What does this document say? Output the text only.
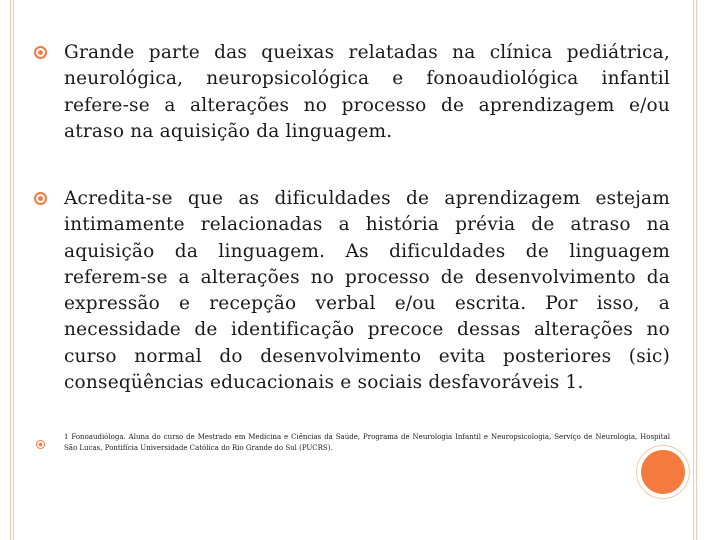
Grande parte das queixas relatadas na clínica pediátrica, neurológica, neuropsicológica e fonoaudiológica infantil refere-se a alterações no processo de aprendizagem e/ou atraso na aquisição da linguagem.
Acredita-se que as dificuldades de aprendizagem estejam intimamente relacionadas a história prévia de atraso na aquisição da linguagem. As dificuldades de linguagem referem-se a alterações no processo de desenvolvimento da expressão e recepção verbal e/ou escrita. Por isso, a necessidade de identificação precoce dessas alterações no curso normal do desenvolvimento evita posteriores (sic) conseqüências educacionais e sociais desfavoráveis 1.
1 Fonoaudióloga. Aluna do curso de Mestrado em Medicina e Ciências da Saúde, Programa de Neurologia Infantil e Neuropsicologia, Serviço de Neurologia, Hospital São Lucas, Pontifícia Universidade Católica do Rio Grande do Sul (PUCRS).
